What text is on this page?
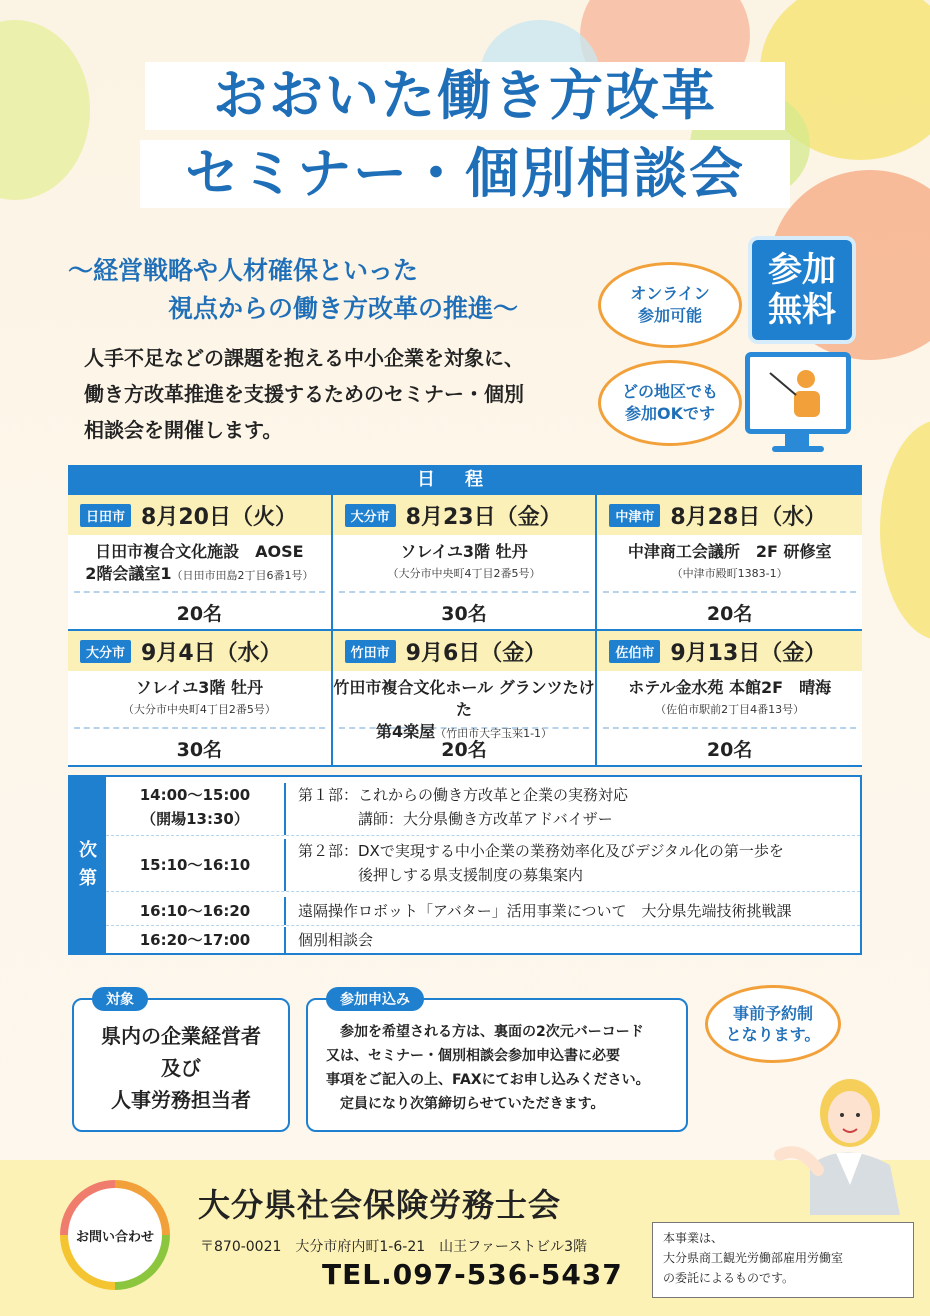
おおいた働き方改革
セミナー・個別相談会
～経営戦略や人材確保といった
視点からの働き方改革の推進～
人手不足などの課題を抱える中小企業を対象に、
働き方改革推進を支援するためのセミナー・個別
相談会を開催します。
オンライン
参加可能
どの地区でも
参加OKです
参加
無料
日程
日田市 8月20日（火）
日田市複合文化施設　AOSE
2階会議室1（日田市田島2丁目6番1号）
20名
大分市 8月23日（金）
ソレイユ3階 牡丹
（大分市中央町4丁目2番5号）
30名
中津市 8月28日（水）
中津商工会議所　2F 研修室
（中津市殿町1383-1）
20名
大分市 9月4日（水）
ソレイユ3階 牡丹
（大分市中央町4丁目2番5号）
30名
竹田市 9月6日（金）
竹田市複合文化ホール グランツたけた
第4楽屋（竹田市大字玉来1-1）
20名
佐伯市 9月13日（金）
ホテル金水苑 本館2F　晴海
（佐伯市駅前2丁目4番13号）
20名
次
第
14:00～15:00
（開場13:30）
第１部：これからの働き方改革と企業の実務対応
　　　　講師：大分県働き方改革アドバイザー
15:10～16:10
第２部：DXで実現する中小企業の業務効率化及びデジタル化の第一歩を
　　　　後押しする県支援制度の募集案内
16:10～16:20	遠隔操作ロボット「アバター」活用事業について　大分県先端技術挑戦課
16:20～17:00	個別相談会
対象
県内の企業経営者
及び
人事労務担当者
参加申込み
　参加を希望される方は、裏面の2次元バーコード
又は、セミナー・個別相談会参加申込書に必要
事項をご記入の上、FAXにてお申し込みください。
　定員になり次第締切らせていただきます。
事前予約制
となります。
お問い合わせ
大分県社会保険労務士会
〒870-0021　大分市府内町1-6-21　山王ファーストビル3階
TEL.097-536-5437
本事業は、
大分県商工観光労働部雇用労働室
の委託によるものです。
